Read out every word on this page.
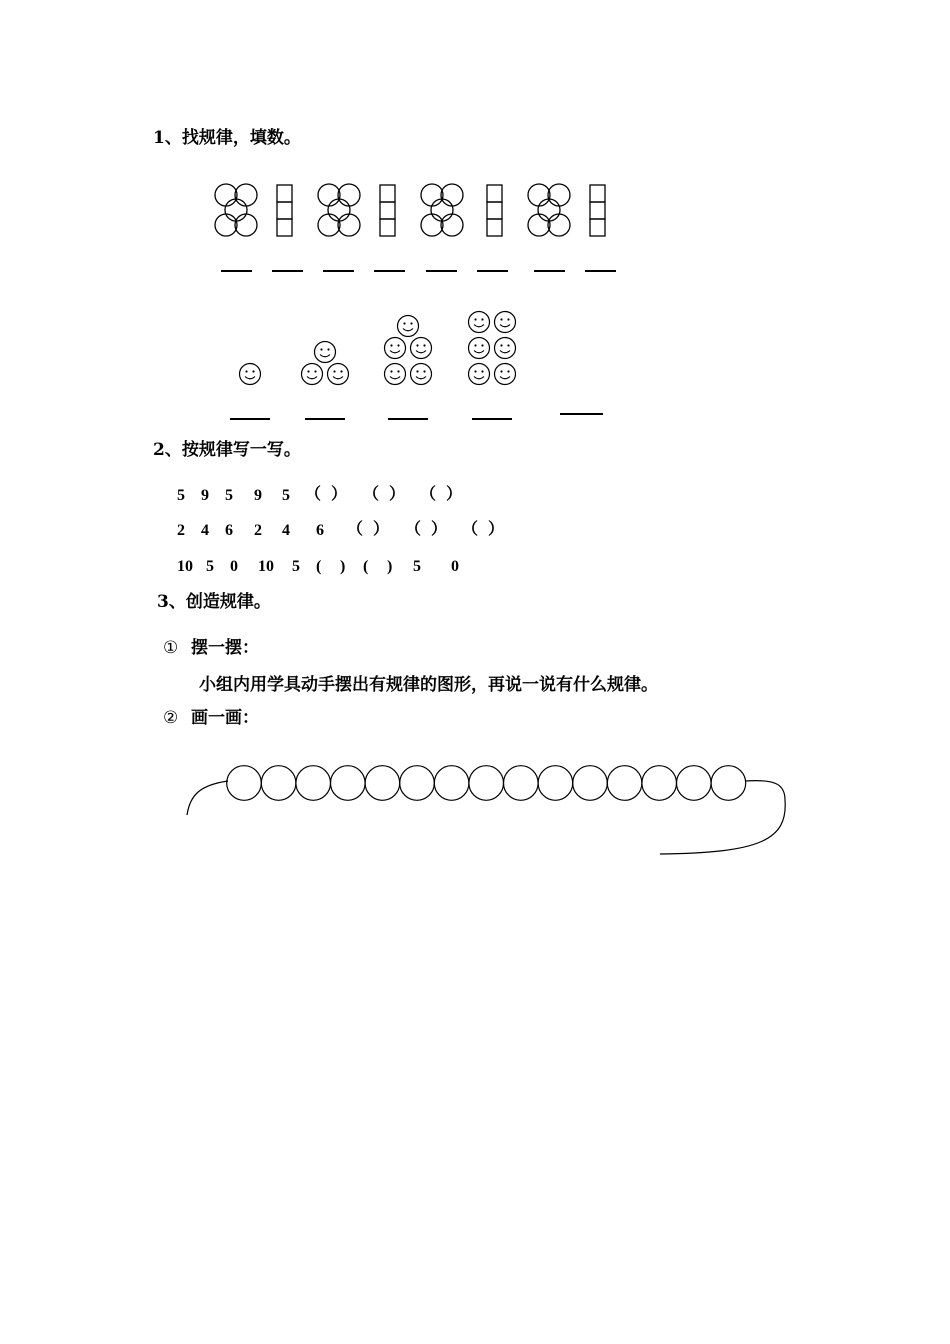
1、找规律，填数。
2、按规律写一写。
5 9 5 9 5 （ ） （ ） （ ）
2 4 6 2 4 6 （ ） （ ） （ ）
10 5 0 10 5 ( ) ( ) 5 0
3、创造规律。
① 摆一摆：
小组内用学具动手摆出有规律的图形，再说一说有什么规律。
② 画一画：
